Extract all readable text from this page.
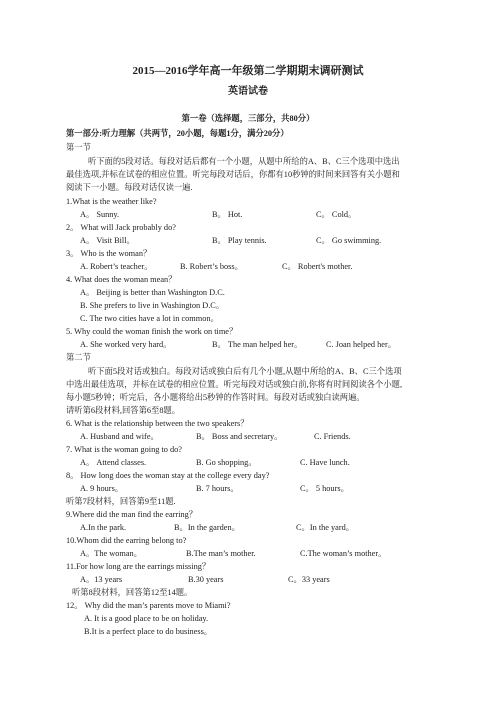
2015—2016学年高一年级第二学期期末调研测试
英语试卷
第一卷（选择题，三部分，共80分）
第一部分:听力理解（共两节，20小题，每题1分，满分20分）
第一节
听下面的5段对话。每段对话后都有一个小题，从题中所给的A、B、C三个选项中选出
最佳选项,并标在试卷的相应位置。听完每段对话后，你都有10秒钟的时间来回答有关小题和
阅读下一小题。每段对话仅读一遍.
1.What is the weather like?
A。 Sunny.	B。 Hot.	C。 Cold。
2。 What will Jack probably do?
A。 Visit Bill。	B。 Play tennis.	C。 Go swimming.
3。 Who is the woman？
A. Robert’s teacher。	B. Robert’s boss。	C。 Robert's mother.
4. What does the woman mean？
A。 Beijing is better than Washington D.C.
B. She prefers to live in Washington D.C。
C. The two cities have a lot in common。
5. Why could the woman finish the work on time？
A. She worked very hard。	B。 The man helped her。	C. Joan helped her。
第二节
听下面5段对话或独白。每段对话或独白后有几个小题,从题中所给的A、B、C三个选项
中选出最佳选项，并标在试卷的相应位置。听完每段对话或独白前,你将有时间阅读各个小题,
每小题5秒钟；听完后，各小题将给出5秒钟的作答时间。每段对话或独白读两遍。
请听第6段材料,回答第6至8题。
6. What is the relationship between the two speakers？
A. Husband and wife。	B。 Boss and secretary。	C. Friends.
7. What is the woman going to do?
A。 Attend classes.	B. Go shopping。	C. Have lunch.
8。 How long does the woman stay at the college every day?
A. 9 hours。	B. 7 hours。	C。 5 hours。
听第7段材料，回答第9至11题.
9.Where did the man find the earring？
A.In the park.	B。In the garden。	C。In the yard。
10.Whom did the earring belong to?
A。The woman。	B.The man’s mother.	C.The woman’s mother。
11.For how long are the earrings missing？
A。13 years	B.30 years	C。33 years
听第8段材料，回答第12至14题。
12。 Why did the man’s parents move to Miami?
A. It is a good place to be on holiday.
B.It is a perfect place to do business。
